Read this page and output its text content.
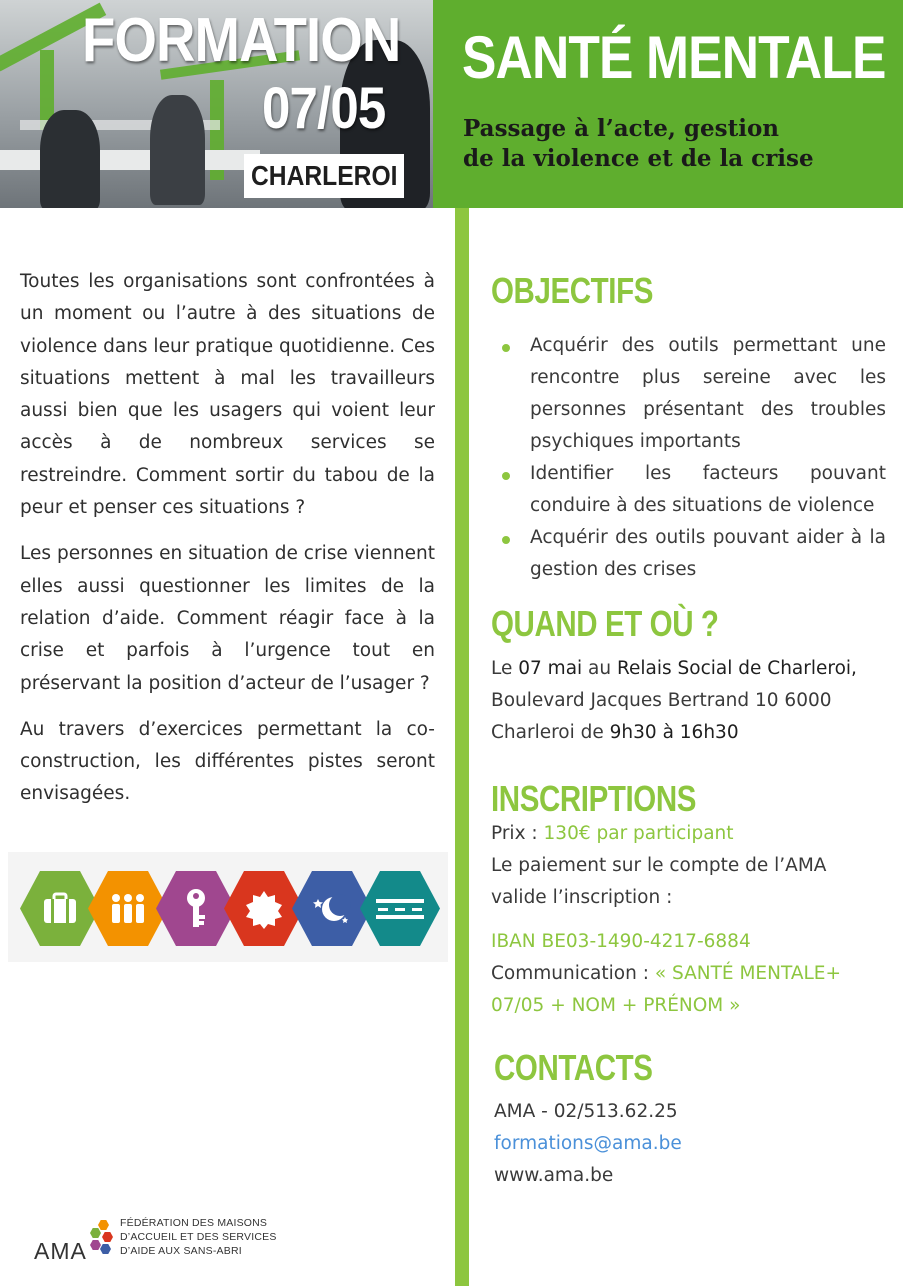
FORMATION
07/05
CHARLEROI
SANTÉ MENTALE
Passage à l’acte, gestion
de la violence et de la crise

Toutes les organisations sont confrontées à un moment ou l’autre à des situations de violence dans leur pratique quotidienne. Ces situations mettent à mal les travailleurs aussi bien que les usagers qui voient leur accès à de nombreux services se restreindre. Comment sortir du tabou de la peur et penser ces situations ?

Les personnes en situation de crise viennent elles aussi questionner les limites de la relation d’aide. Comment réagir face à la crise et parfois à l’urgence tout en préservant la position d’acteur de l’usager ?

Au travers d’exercices permettant la co-construction, les différentes pistes seront envisagées.

AMA
FÉDÉRATION DES MAISONS
D’ACCUEIL ET DES SERVICES
D’AIDE AUX SANS-ABRI
OBJECTIFS
Acquérir des outils permettant une rencontre plus sereine avec les personnes présentant des troubles psychiques importants
Identifier les facteurs pouvant conduire à des situations de violence
Acquérir des outils pouvant aider à la gestion des crises
QUAND ET OÙ ?
Le 07 mai au Relais Social de Charleroi,
Boulevard Jacques Bertrand 10 6000
Charleroi de 9h30 à 16h30
INSCRIPTIONS
Prix : 130€ par participant
Le paiement sur le compte de l’AMA
valide l’inscription :
IBAN BE03-1490-4217-6884
Communication : « SANTÉ MENTALE+
07/05 + NOM + PRÉNOM »
CONTACTS
AMA - 02/513.62.25
formations@ama.be
www.ama.be
